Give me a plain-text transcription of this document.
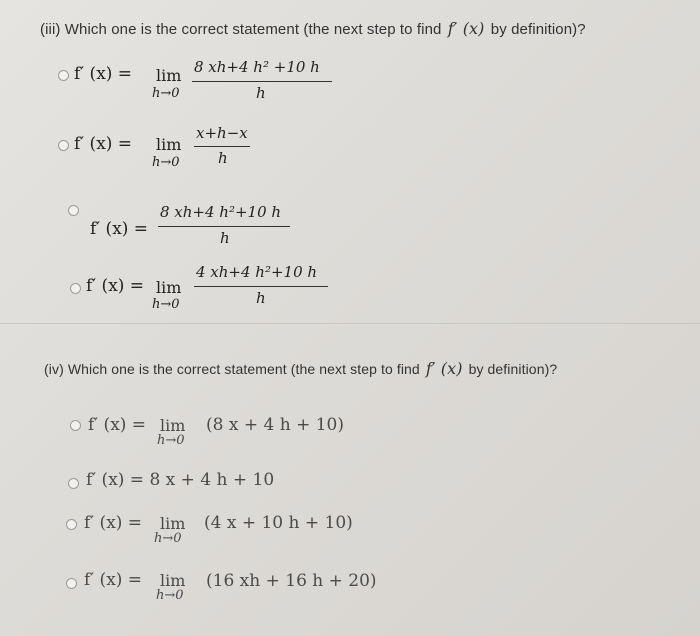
(iii) Which one is the correct statement (the next step to find f′ (x) by definition)?
f′ (x) = lim
h→0
8 xh+4 h² +10 h
h
f′ (x) = lim
h→0
x+h−x
h
f′ (x) =
8 xh+4 h²+10 h
h
f′ (x) = lim
h→0
4 xh+4 h²+10 h
h
(iv) Which one is the correct statement (the next step to find f′ (x) by definition)?
f′ (x) = lim
h→0
(8 x + 4 h + 10)
f′ (x) = 8 x + 4 h + 10
f′ (x) = lim
h→0
(4 x + 10 h + 10)
f′ (x) = lim
h→0
(16 xh + 16 h + 20)
